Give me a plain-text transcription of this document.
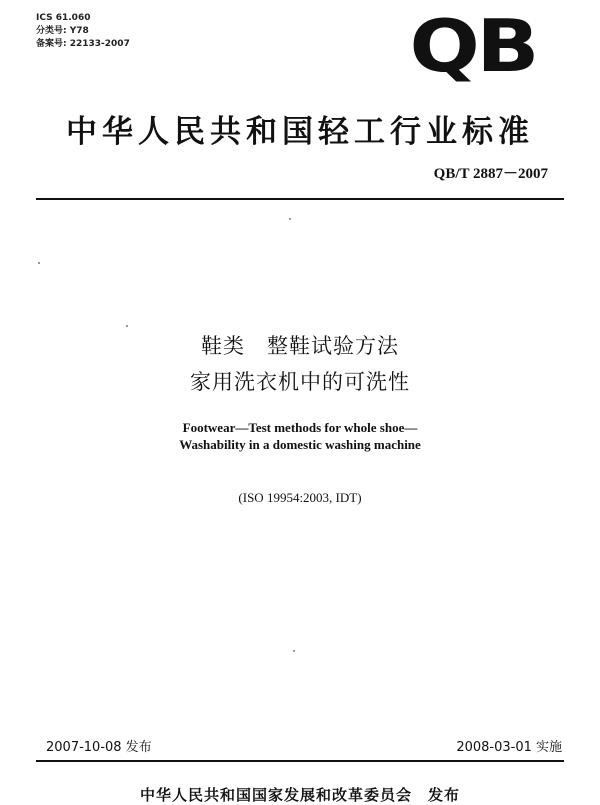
ICS 61.060
分类号: Y78
备案号: 22133-2007	QB
中华人民共和国轻工行业标准
QB/T 2887－2007
鞋类　整鞋试验方法
家用洗衣机中的可洗性
Footwear—Test methods for whole shoe—
Washability in a domestic washing machine
(ISO 19954:2003, IDT)
2007-10-08 发布	2008-03-01 实施
中华人民共和国国家发展和改革委员会　发布
